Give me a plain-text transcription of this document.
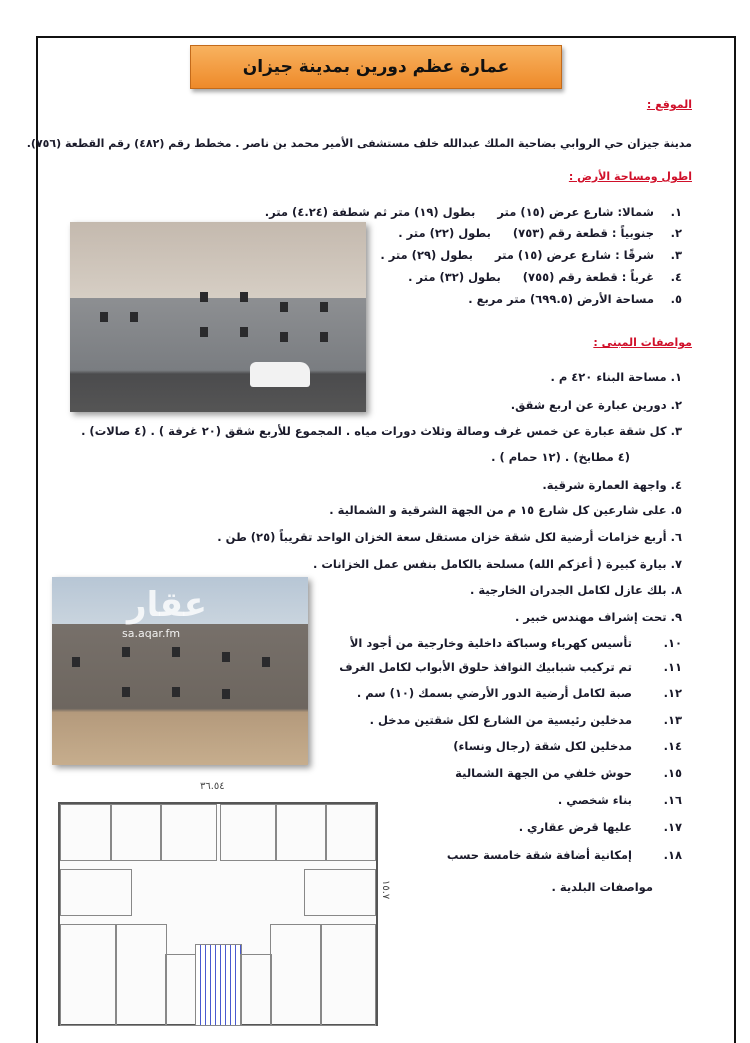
عمارة عظم دورين بمدينة جيزان
الموقع :
مدينة جيزان حي الروابي بضاحية الملك عبدالله خلف مستشفى الأمير محمد بن ناصر . مخطط رقم (٤٨٢) رقم القطعة (٧٥٦).
اطول ومساحة الأرض :
١.
شمالا: شارع عرض (١٥) متر
بطول (١٩) متر ثم شطفة (٤.٢٤) متر.
٢.
جنوبياً : قطعة رقم (٧٥٣)
بطول (٢٢) متر .
٣.
شرقًا : شارع عرض (١٥) متر
بطول (٢٩) متر .
٤.
غرباً : قطعة رقم (٧٥٥)
بطول (٣٢) متر .
٥.
مساحة الأرض (٦٩٩.٥) متر مربع .
مواصفات المبنى :
١. مساحة البناء ٤٢٠ م .
٢. دورين عبارة عن اربع شقق.
٣. كل شقة عبارة عن خمس غرف وصالة وثلاث دورات مياه . المجموع للأربع شقق (٢٠ غرفة ) . (٤ صالات) .
(٤ مطابخ) . (١٢ حمام ) .
٤. واجهة العمارة شرقية.
٥. على شارعين كل شارع ١٥ م من الجهة الشرقية و الشمالية .
٦. أربع خزامات أرضية لكل شقة خزان مستقل سعة الخزان الواحد تقريباً (٢٥) طن .
٧. بيارة كبيرة ( أعزكم الله) مسلحة بالكامل بنفس عمل الخزانات .
٨. بلك عازل لكامل الجدران الخارجية .
٩. تحت إشراف مهندس خبير .
١٠.
تأسيس كهرباء وسباكة داخلية وخارجية من أجود الأ
١١.
تم تركيب شبابيك النوافذ حلوق الأبواب لكامل الغرف
١٢.
صبة لكامل أرضية الدور الأرضي بسمك (١٠) سم .
١٣.
مدخلين رئيسية من الشارع لكل شقتين مدخل .
١٤.
مدخلين لكل شقة (رجال ونساء)
١٥.
حوش خلفي من الجهة الشمالية
١٦.
بناء شخصي .
١٧.
عليها قرض عقاري .
١٨.
إمكانية أضافة شقة خامسة حسب
مواصفات البلدية .
عقار
sa.aqar.fm
٣٦.٥٤
١٥.٧
